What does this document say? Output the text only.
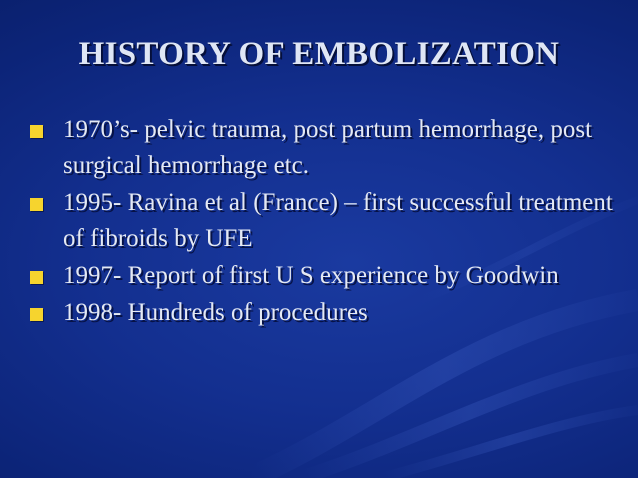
HISTORY OF EMBOLIZATION
1970’s- pelvic trauma, post partum hemorrhage, post surgical hemorrhage etc.
1995- Ravina et al (France) – first successful treatment of fibroids by UFE
1997- Report of first U S experience by Goodwin
1998- Hundreds of procedures
